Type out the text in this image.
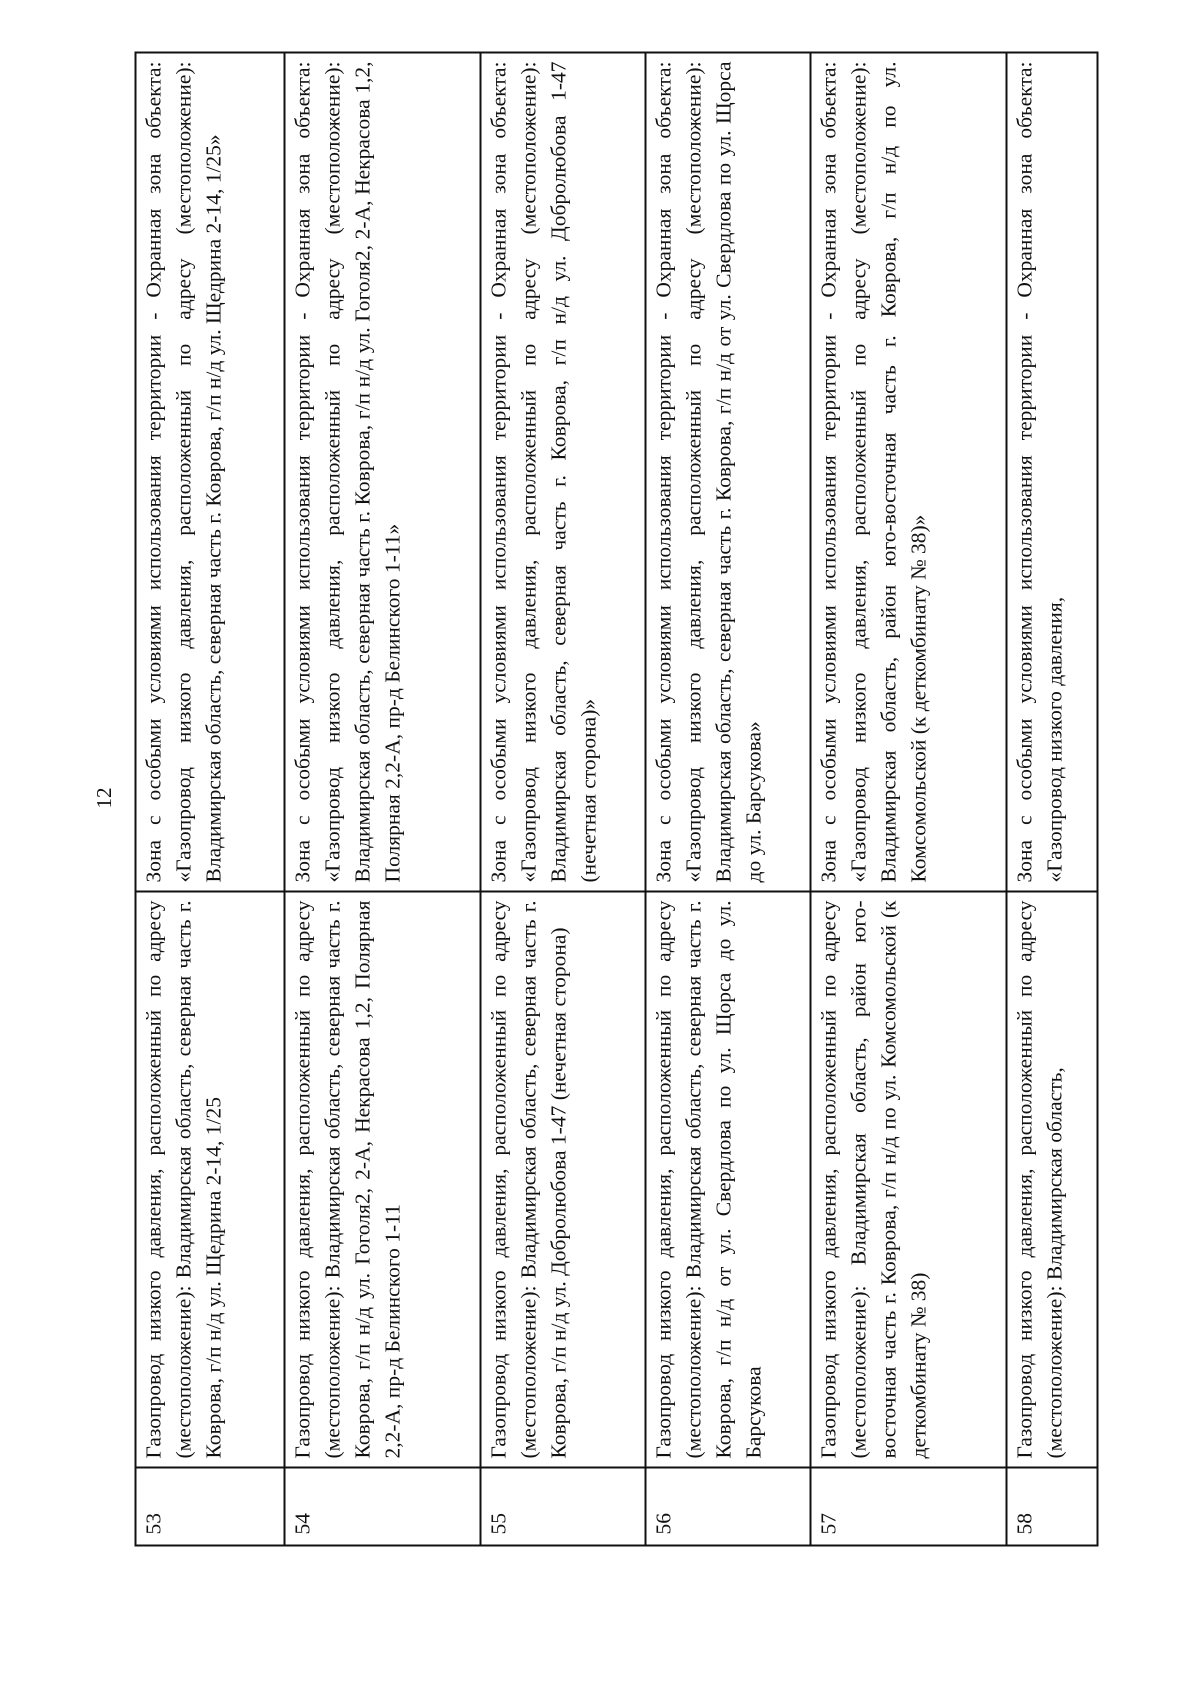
12
53	Газопровод низкого давления, расположенный по адресу (местоположение): Владимирская область, северная часть г. Коврова, г/п н/д ул. Щедрина 2-14, 1/25	Зона с особыми условиями использования территории - Охранная зона объекта: «Газопровод низкого давления, расположенный по адресу (местоположение): Владимирская область, северная часть г. Коврова, г/п н/д ул. Щедрина 2-14, 1/25»
54	Газопровод низкого давления, расположенный по адресу (местоположение): Владимирская область, северная часть г. Коврова, г/п н/д ул. Гоголя2, 2-А, Некрасова 1,2, Полярная 2,2-А, пр-д Белинского 1-11	Зона с особыми условиями использования территории - Охранная зона объекта: «Газопровод низкого давления, расположенный по адресу (местоположение): Владимирская область, северная часть г. Коврова, г/п н/д ул. Гоголя2, 2-А, Некрасова 1,2, Полярная 2,2-А, пр-д Белинского 1-11»
55	Газопровод низкого давления, расположенный по адресу (местоположение): Владимирская область, северная часть г. Коврова, г/п н/д ул. Добролюбова 1-47 (нечетная сторона)	Зона с особыми условиями использования территории - Охранная зона объекта: «Газопровод низкого давления, расположенный по адресу (местоположение): Владимирская область, северная часть г. Коврова, г/п н/д ул. Добролюбова 1-47 (нечетная сторона)»
56	Газопровод низкого давления, расположенный по адресу (местоположение): Владимирская область, северная часть г. Коврова, г/п н/д от ул. Свердлова по ул. Щорса до ул. Барсукова	Зона с особыми условиями использования территории - Охранная зона объекта: «Газопровод низкого давления, расположенный по адресу (местоположение): Владимирская область, северная часть г. Коврова, г/п н/д от ул. Свердлова по ул. Щорса до ул. Барсукова»
57	Газопровод низкого давления, расположенный по адресу (местоположение): Владимирская область, район юго-восточная часть г. Коврова, г/п н/д по ул. Комсомольской (к деткомбинату № 38)	Зона с особыми условиями использования территории - Охранная зона объекта: «Газопровод низкого давления, расположенный по адресу (местоположение): Владимирская область, район юго-восточная часть г. Коврова, г/п н/д по ул. Комсомольской (к деткомбинату № 38)»
58	Газопровод низкого давления, расположенный по адресу (местоположение): Владимирская область,	Зона с особыми условиями использования территории - Охранная зона объекта: «Газопровод низкого давления,
